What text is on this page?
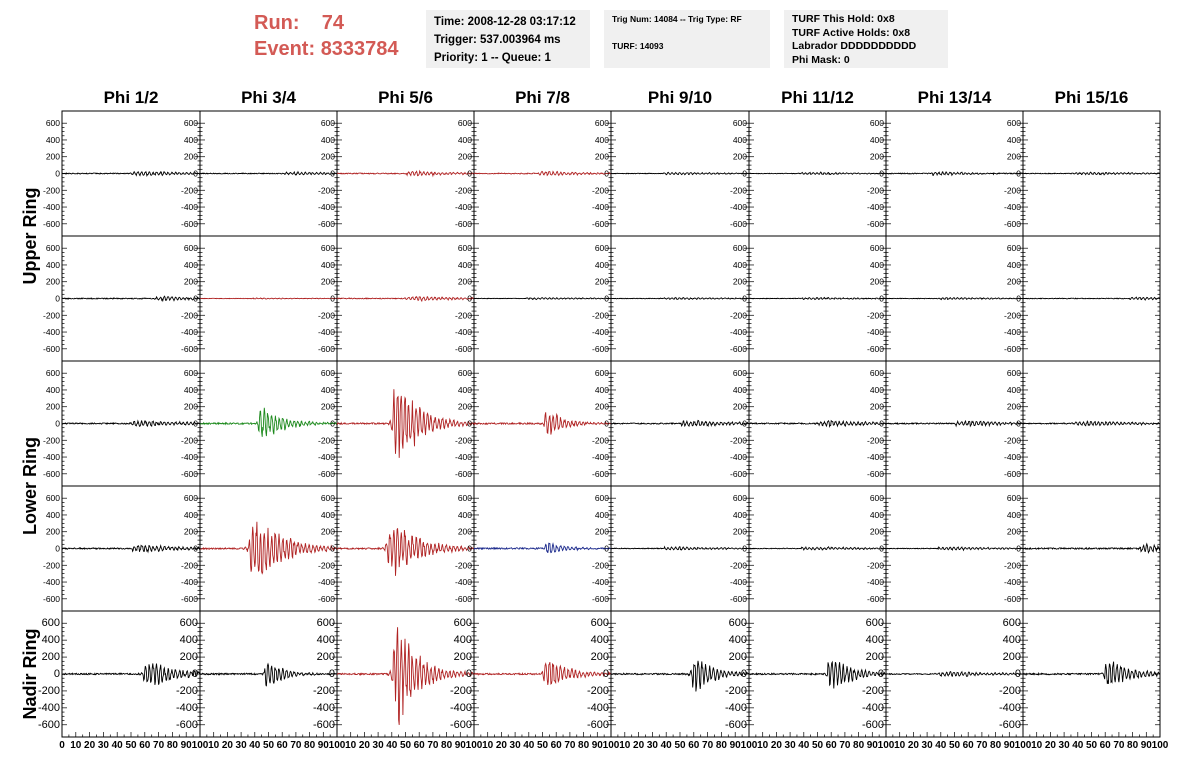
Run: 74
Event: 8333784
Time: 2008-12-28 03:17:12
Trigger: 537.003964 ms
Priority: 1 -- Queue: 1
Trig Num: 14084 -- Trig Type: RF
TURF: 14093
TURF This Hold: 0x8
TURF Active Holds: 0x8
Labrador DDDDDDDDDD
Phi Mask: 0
Phi 1/2	Phi 3/4	Phi 5/6	Phi 7/8	Phi 9/10	Phi 11/12	Phi 13/14	Phi 15/16
Upper Ring
Lower Ring
Nadir Ring
-600
-400
-200
0
200
400
600
-600
-400
-200
0
200
400
600
-600
-400
-200
0
200
400
600
-600
-400
-200
0
200
400
600
-600
-400
-200
0
200
400
600
-600
-400
-200
0
200
400
600
-600
-400
-200
0
200
400
600
-600
-400
-200
0
200
400
600
-600
-400
-200
0
200
400
600
-600
-400
-200
0
200
400
600
-600
-400
-200
0
200
400
600
-600
-400
-200
0
200
400
600
-600
-400
-200
0
200
400
600
-600
-400
-200
0
200
400
600
-600
-400
-200
0
200
400
600
-600
-400
-200
0
200
400
600
-600
-400
-200
0
200
400
600
-600
-400
-200
0
200
400
600
-600
-400
-200
0
200
400
600
-600
-400
-200
0
200
400
600
-600
-400
-200
0
200
400
600
-600
-400
-200
0
200
400
600
-600
-400
-200
0
200
400
600
-600
-400
-200
0
200
400
600
-600
-400
-200
0
200
400
600
-600
-400
-200
0
200
400
600
-600
-400
-200
0
200
400
600
-600
-400
-200
0
200
400
600
-600
-400
-200
0
200
400
600
-600
-400
-200
0
200
400
600
-600
-400
-200
0
200
400
600
-600
-400
-200
0
200
400
600
-600
-400
-200
0
200
400
600
0 10 20 30 40 50 60 70 80 90 100
-600
-400
-200
0
200
400
600
10 20 30 40 50 60 70 80 90 100
-600
-400
-200
0
200
400
600
10 20 30 40 50 60 70 80 90 100
-600
-400
-200
0
200
400
600
10 20 30 40 50 60 70 80 90 100
-600
-400
-200
0
200
400
600
10 20 30 40 50 60 70 80 90 100
-600
-400
-200
0
200
400
600
10 20 30 40 50 60 70 80 90 100
-600
-400
-200
0
200
400
600
10 20 30 40 50 60 70 80 90 100
-600
-400
-200
0
200
400
600
10 20 30 40 50 60 70 80 90 100
